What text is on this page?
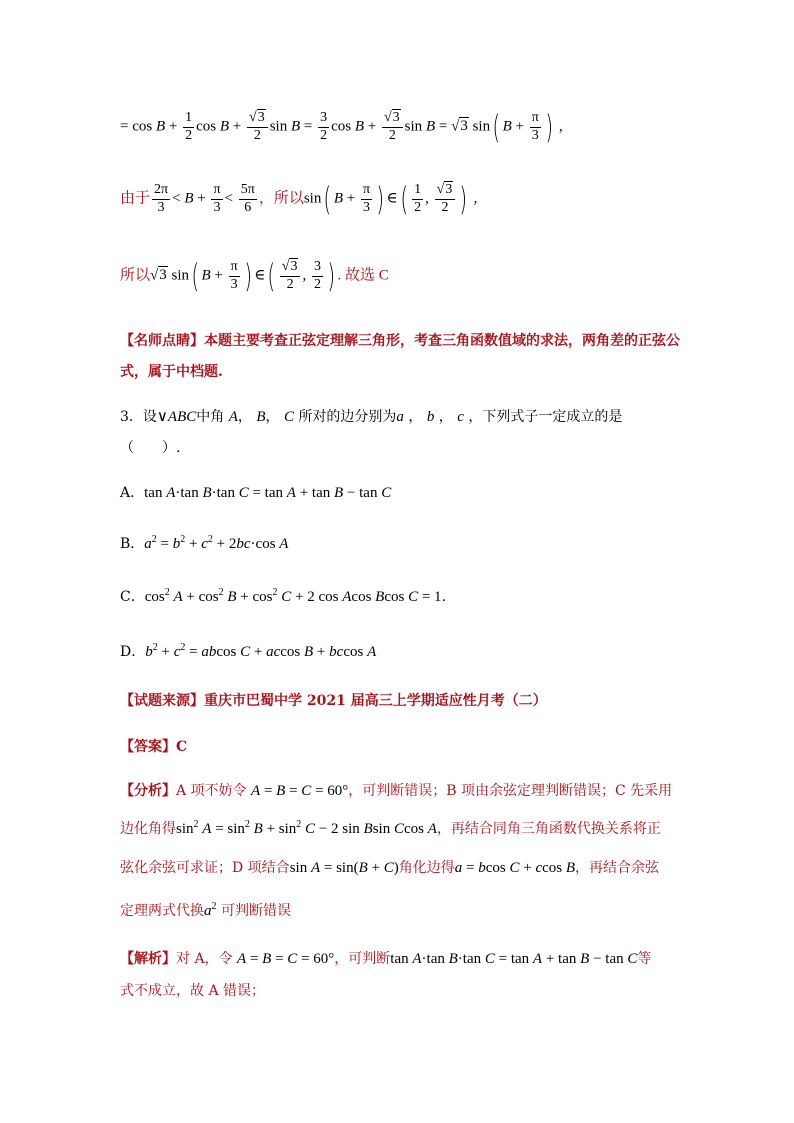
= $\cos B + \frac{1}{2}$ $\cos B + \frac{√3}{2}$ $\sin B = \frac{3}{2}$ $\cos B + \frac{√3}{2}$ sin B = √3 sin( $B + \frac{\pi}{3}$ ) ,
由于 $\frac{2\pi}{3} < B + \frac{\pi}{3} < \frac{5\pi}{6}$ ，所以sin( $B + \frac{\pi}{3}$ ) ∈( $\frac{1}{2}$ , $\frac{√3}{2}$ ) ,
所以√3 sin( $B + \frac{\pi}{3}$ ) ∈( $\frac{√3}{2}$ , $\frac{3}{2}$ ) . 故选 C
【名师点睛】本题主要考查正弦定理解三角形，考查三角函数值域的求法，两角差的正弦公
式，属于中档题.
3．设∨ABC中角 A， B， C 所对的边分别为a ， b ， c ，下列式子一定成立的是
（　　）.
A．tan A·tan B·tan C = tan A + tan B − tan C
B．$a^2 = b^2 + c^2 + 2bc\cdot\cos$ A
C．$\cos^2 A + \cos^2 B + \cos^2 C + 2$ cos Acos Bcos C = 1.
D．$b^2 + c^2 = abcos$ C + accos B + bccos A
【试题来源】重庆市巴蜀中学 2021 届高三上学期适应性月考（二）
【答案】C
【分析】A 项不妨令 A = B = C = 60°，可判断错误；B 项由余弦定理判断错误；C 先采用
边化角得$\sin^2 A = \sin^2 B + \sin^2 C - 2$ sin Bsin Ccos A，再结合同角三角函数代换关系将正
弦化余弦可求证；D 项结合sin A = sin(B + C)角化边得a = bcos C + ccos B，再结合余弦
定理两式代换$a^2$ 可判断错误
【解析】对 A，令 A = B = C = 60°，可判断tan A·tan B·tan C = tan A + tan B − tan C等
式不成立，故 A 错误；
